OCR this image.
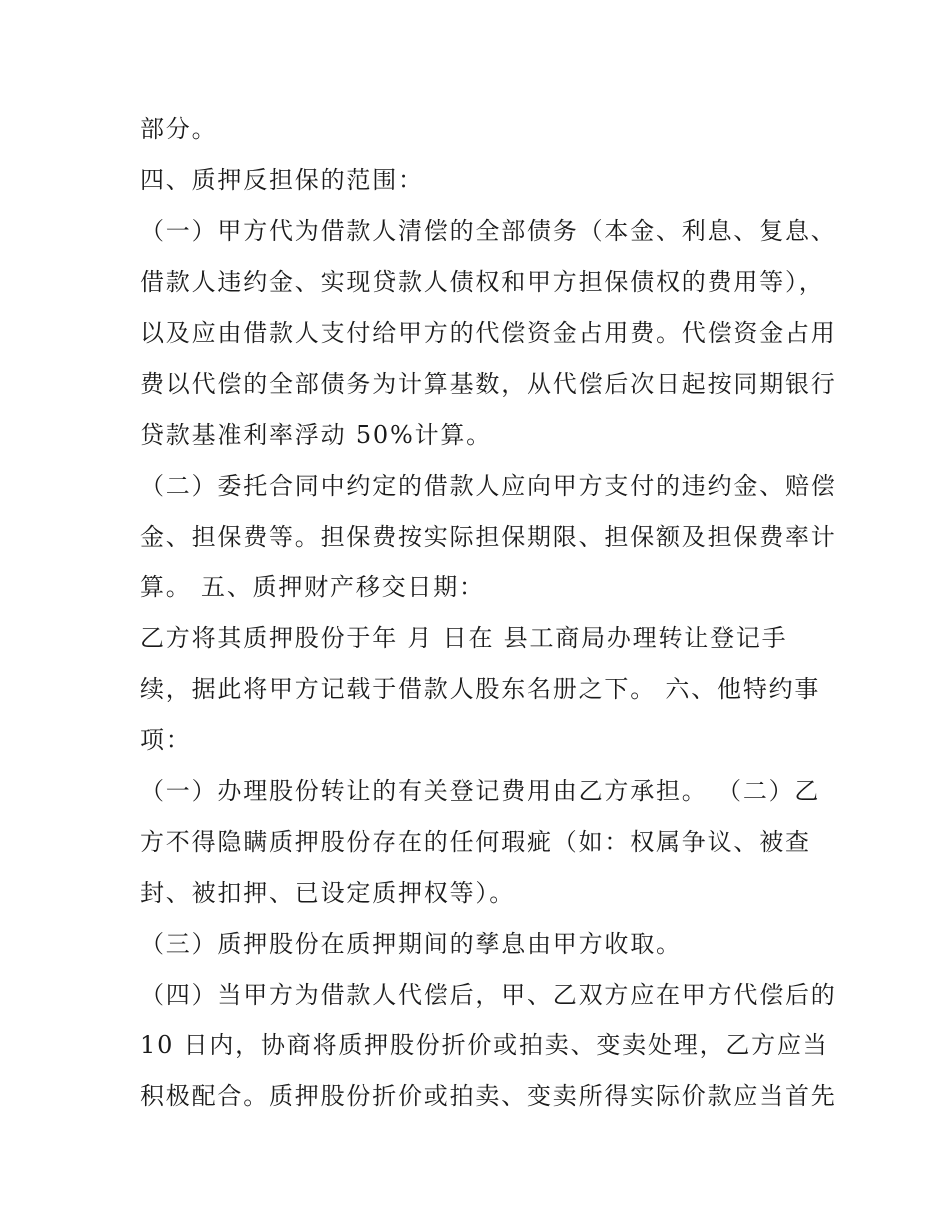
部分。
四、质押反担保的范围：
（一）甲方代为借款人清偿的全部债务（本金、利息、复息、
借款人违约金、实现贷款人债权和甲方担保债权的费用等），
以及应由借款人支付给甲方的代偿资金占用费。代偿资金占用
费以代偿的全部债务为计算基数，从代偿后次日起按同期银行
贷款基准利率浮动 50%计算。
（二）委托合同中约定的借款人应向甲方支付的违约金、赔偿
金、担保费等。担保费按实际担保期限、担保额及担保费率计
算。 五、质押财产移交日期：
乙方将其质押股份于年 月 日在 县工商局办理转让登记手
续，据此将甲方记载于借款人股东名册之下。 六、他特约事
项：
（一）办理股份转让的有关登记费用由乙方承担。 （二）乙
方不得隐瞒质押股份存在的任何瑕疵（如：权属争议、被查
封、被扣押、已设定质押权等）。
（三）质押股份在质押期间的孳息由甲方收取。
（四）当甲方为借款人代偿后，甲、乙双方应在甲方代偿后的
10 日内，协商将质押股份折价或拍卖、变卖处理，乙方应当
积极配合。质押股份折价或拍卖、变卖所得实际价款应当首先
